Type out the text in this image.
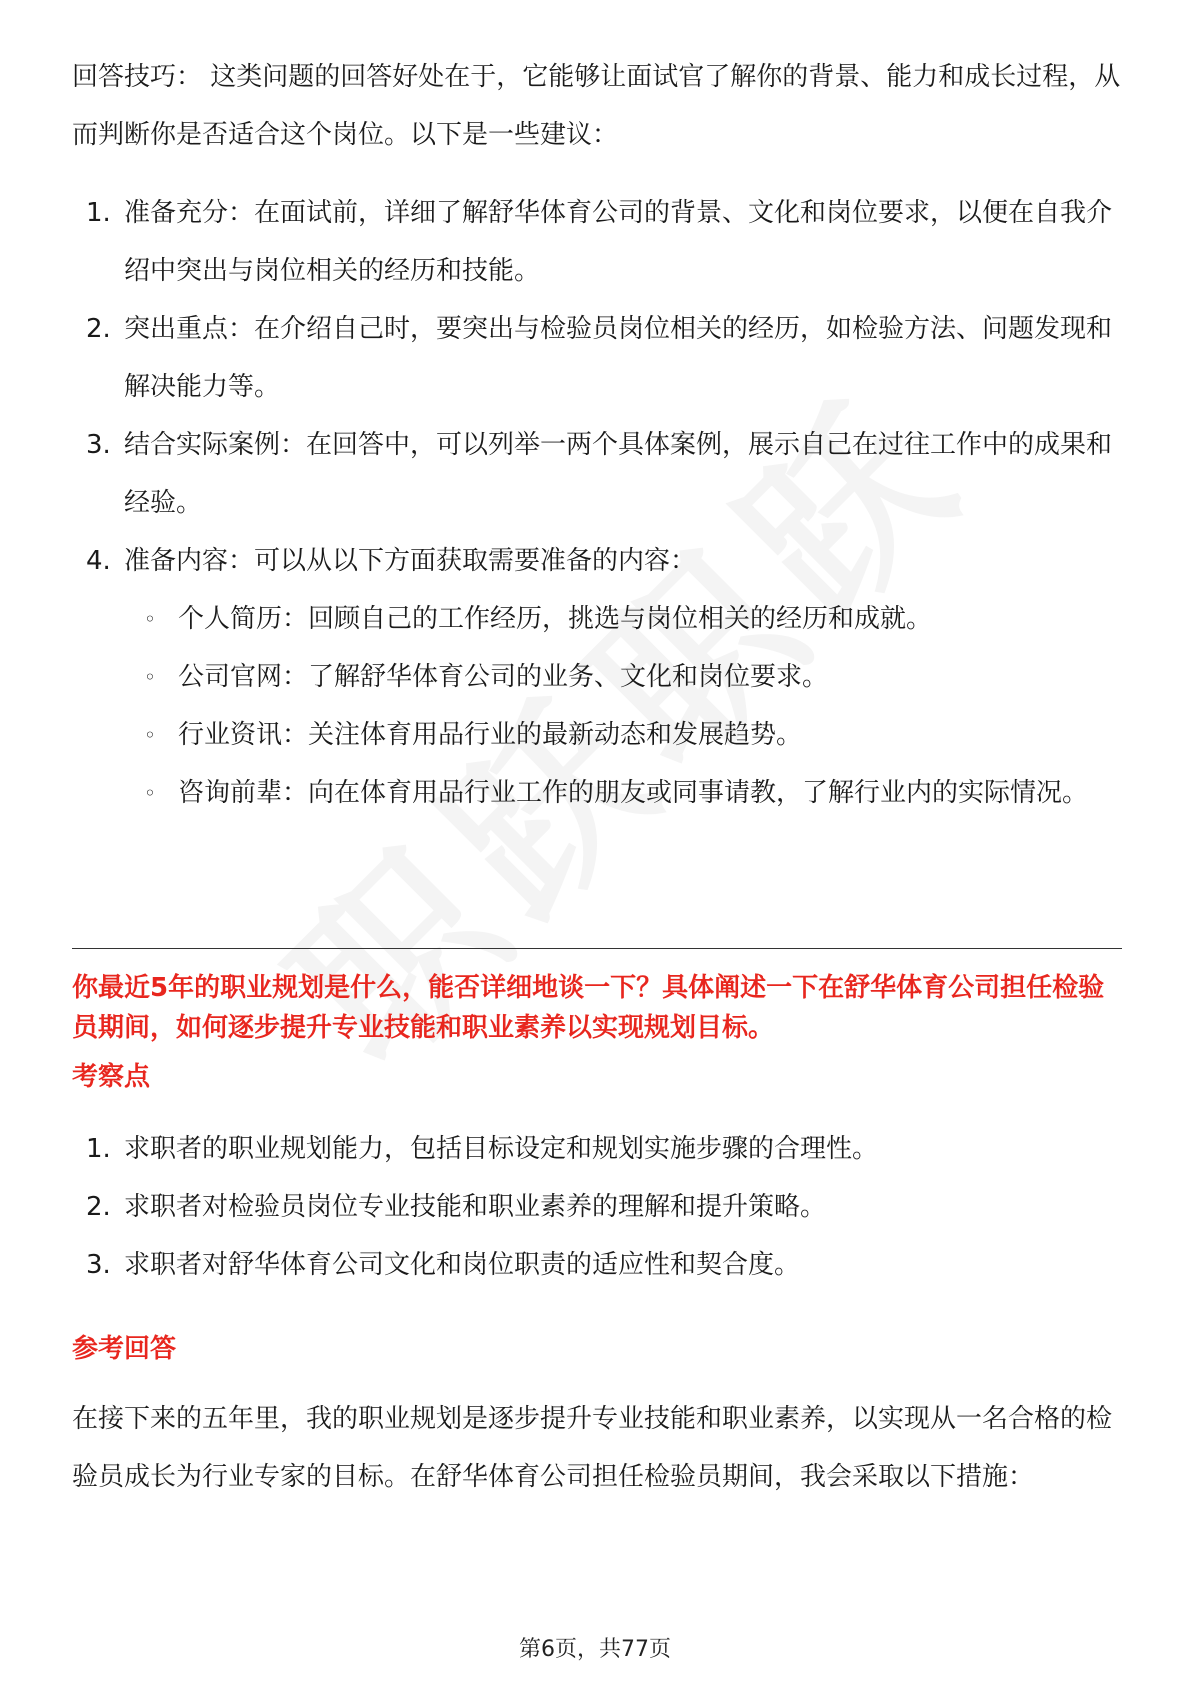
回答技巧： 这类问题的回答好处在于，它能够让面试官了解你的背景、能力和成长过程，从而判断你是否适合这个岗位。以下是一些建议：
1. 准备充分：在面试前，详细了解舒华体育公司的背景、文化和岗位要求，以便在自我介绍中突出与岗位相关的经历和技能。
2. 突出重点：在介绍自己时，要突出与检验员岗位相关的经历，如检验方法、问题发现和解决能力等。
3. 结合实际案例：在回答中，可以列举一两个具体案例，展示自己在过往工作中的成果和经验。
4. 准备内容：可以从以下方面获取需要准备的内容：
◦ 个人简历：回顾自己的工作经历，挑选与岗位相关的经历和成就。
◦ 公司官网：了解舒华体育公司的业务、文化和岗位要求。
◦ 行业资讯：关注体育用品行业的最新动态和发展趋势。
◦ 咨询前辈：向在体育用品行业工作的朋友或同事请教，了解行业内的实际情况。
你最近5年的职业规划是什么，能否详细地谈一下？具体阐述一下在舒华体育公司担任检验员期间，如何逐步提升专业技能和职业素养以实现规划目标。
考察点
1. 求职者的职业规划能力，包括目标设定和规划实施步骤的合理性。
2. 求职者对检验员岗位专业技能和职业素养的理解和提升策略。
3. 求职者对舒华体育公司文化和岗位职责的适应性和契合度。
参考回答
在接下来的五年里，我的职业规划是逐步提升专业技能和职业素养，以实现从一名合格的检验员成长为行业专家的目标。在舒华体育公司担任检验员期间，我会采取以下措施：
第6页，共77页
